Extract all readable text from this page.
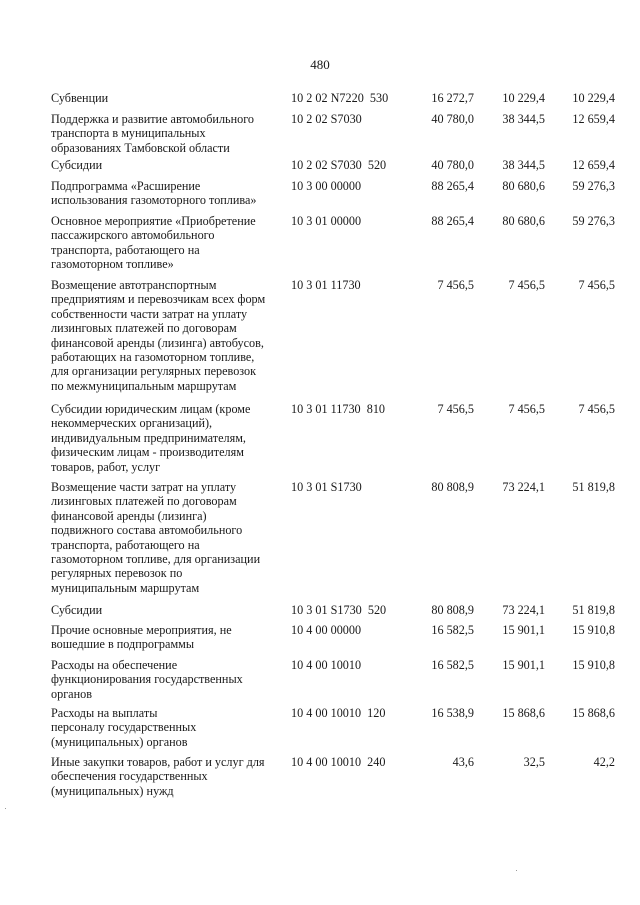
480
Субвенции	10 2 02 N7220  530	16 272,7	10 229,4	10 229,4
Поддержка и развитие автомобильного
транспорта в муниципальных
образованиях Тамбовской области
10 2 02 S7030	40 780,0	38 344,5	12 659,4
Субсидии	10 2 02 S7030  520	40 780,0	38 344,5	12 659,4
Подпрограмма «Расширение
использования газомоторного топлива»
10 3 00 00000	88 265,4	80 680,6	59 276,3
Основное мероприятие «Приобретение
пассажирского автомобильного
транспорта, работающего на
газомоторном топливе»
10 3 01 00000	88 265,4	80 680,6	59 276,3
Возмещение автотранспортным
предприятиям и перевозчикам всех форм
собственности части затрат на уплату
лизинговых платежей по договорам
финансовой аренды (лизинга) автобусов,
работающих на газомоторном топливе,
для организации регулярных перевозок
по межмуниципальным маршрутам
10 3 01 11730	7 456,5	7 456,5	7 456,5
Субсидии юридическим лицам (кроме
некоммерческих организаций),
индивидуальным предпринимателям,
физическим лицам - производителям
товаров, работ, услуг
10 3 01 11730  810	7 456,5	7 456,5	7 456,5
Возмещение части затрат на уплату
лизинговых платежей по договорам
финансовой аренды (лизинга)
подвижного состава автомобильного
транспорта, работающего на
газомоторном топливе, для организации
регулярных перевозок по
муниципальным маршрутам
10 3 01 S1730	80 808,9	73 224,1	51 819,8
Субсидии	10 3 01 S1730  520	80 808,9	73 224,1	51 819,8
Прочие основные мероприятия, не
вошедшие в подпрограммы
10 4 00 00000	16 582,5	15 901,1	15 910,8
Расходы на обеспечение
функционирования государственных
органов
10 4 00 10010	16 582,5	15 901,1	15 910,8
Расходы на выплаты
персоналу государственных
(муниципальных) органов
10 4 00 10010  120	16 538,9	15 868,6	15 868,6
Иные закупки товаров, работ и услуг для
обеспечения государственных
(муниципальных) нужд
10 4 00 10010  240	43,6	32,5	42,2
